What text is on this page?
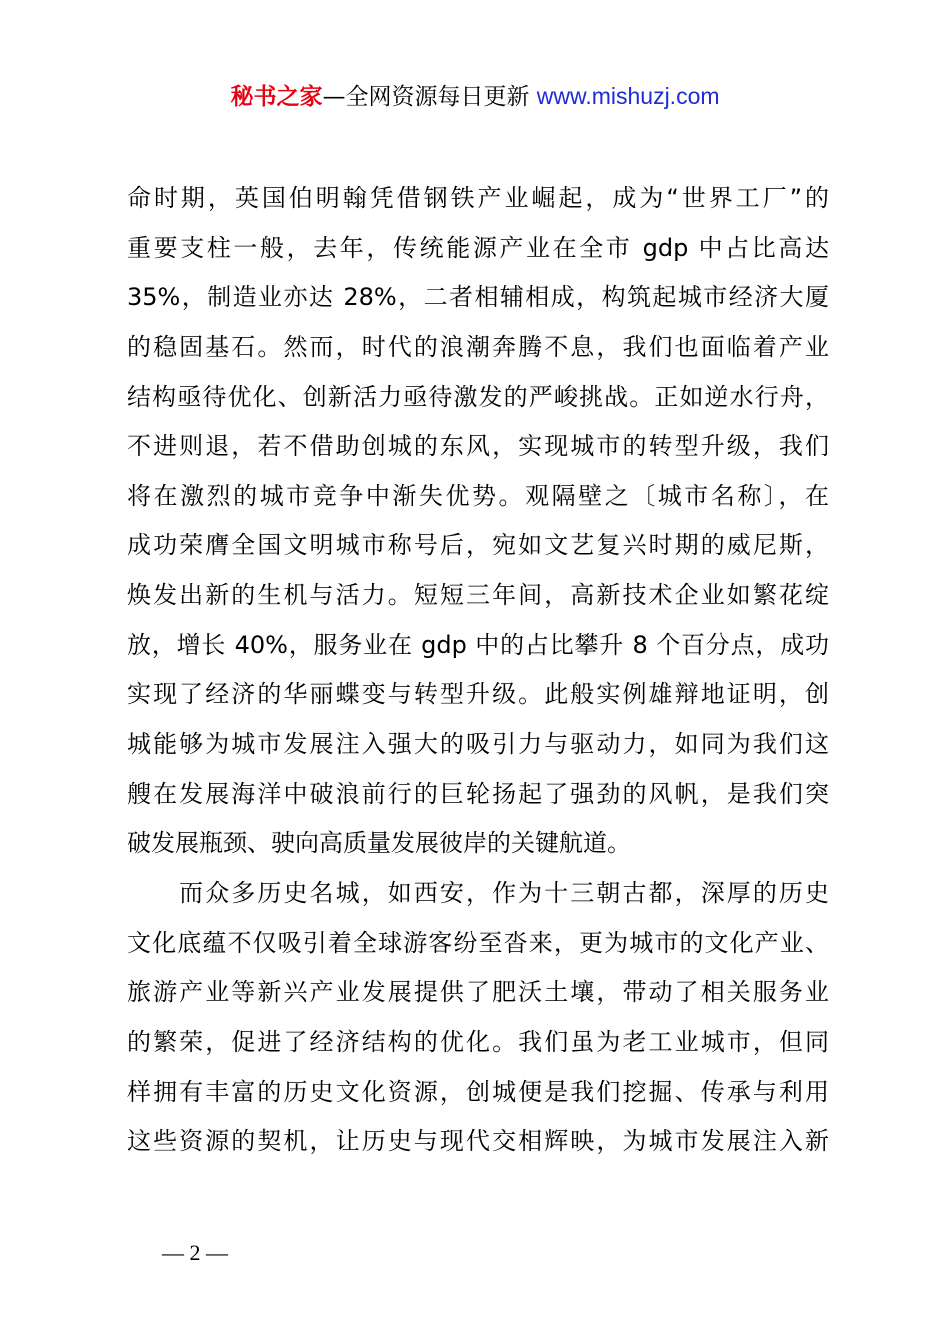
秘书之家—全网资源每日更新 www.mishuzj.com
命时期，英国伯明翰凭借钢铁产业崛起，成为“世界工厂”的
重要支柱一般，去年，传统能源产业在全市 gdp 中占比高达
35%，制造业亦达 28%，二者相辅相成，构筑起城市经济大厦
的稳固基石。然而，时代的浪潮奔腾不息，我们也面临着产业
结构亟待优化、创新活力亟待激发的严峻挑战。正如逆水行舟，
不进则退，若不借助创城的东风，实现城市的转型升级，我们
将在激烈的城市竞争中渐失优势。观隔壁之〔城市名称〕，在
成功荣膺全国文明城市称号后，宛如文艺复兴时期的威尼斯，
焕发出新的生机与活力。短短三年间，高新技术企业如繁花绽
放，增长 40%，服务业在 gdp 中的占比攀升 8 个百分点，成功
实现了经济的华丽蝶变与转型升级。此般实例雄辩地证明，创
城能够为城市发展注入强大的吸引力与驱动力，如同为我们这
艘在发展海洋中破浪前行的巨轮扬起了强劲的风帆，是我们突
破发展瓶颈、驶向高质量发展彼岸的关键航道。
　　而众多历史名城，如西安，作为十三朝古都，深厚的历史
文化底蕴不仅吸引着全球游客纷至沓来，更为城市的文化产业、
旅游产业等新兴产业发展提供了肥沃土壤，带动了相关服务业
的繁荣，促进了经济结构的优化。我们虽为老工业城市，但同
样拥有丰富的历史文化资源，创城便是我们挖掘、传承与利用
这些资源的契机，让历史与现代交相辉映，为城市发展注入新
— 2 —
